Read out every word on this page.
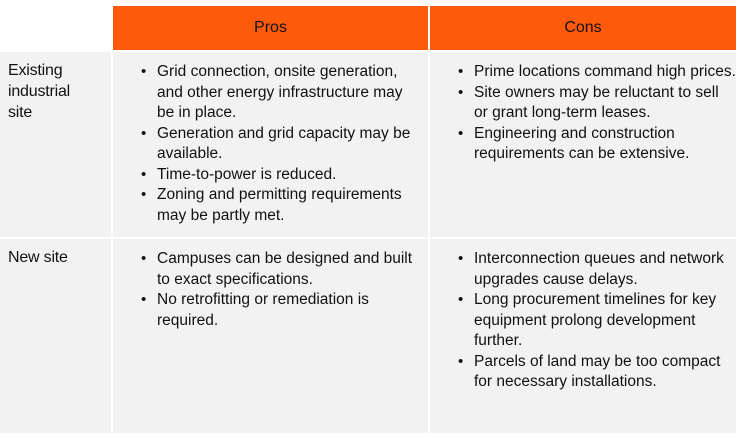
Pros	Cons
Existing industrial site
• Grid connection, onsite generation, and other energy infrastructure may be in place.
• Generation and grid capacity may be available.
• Time-to-power is reduced.
• Zoning and permitting requirements may be partly met.
• Prime locations command high prices.
• Site owners may be reluctant to sell or grant long-term leases.
• Engineering and construction requirements can be extensive.
New site	• Campuses can be designed and built to exact specifications.
• No retrofitting or remediation is required.
• Interconnection queues and network upgrades cause delays.
• Long procurement timelines for key equipment prolong development further.
• Parcels of land may be too compact for necessary installations.
